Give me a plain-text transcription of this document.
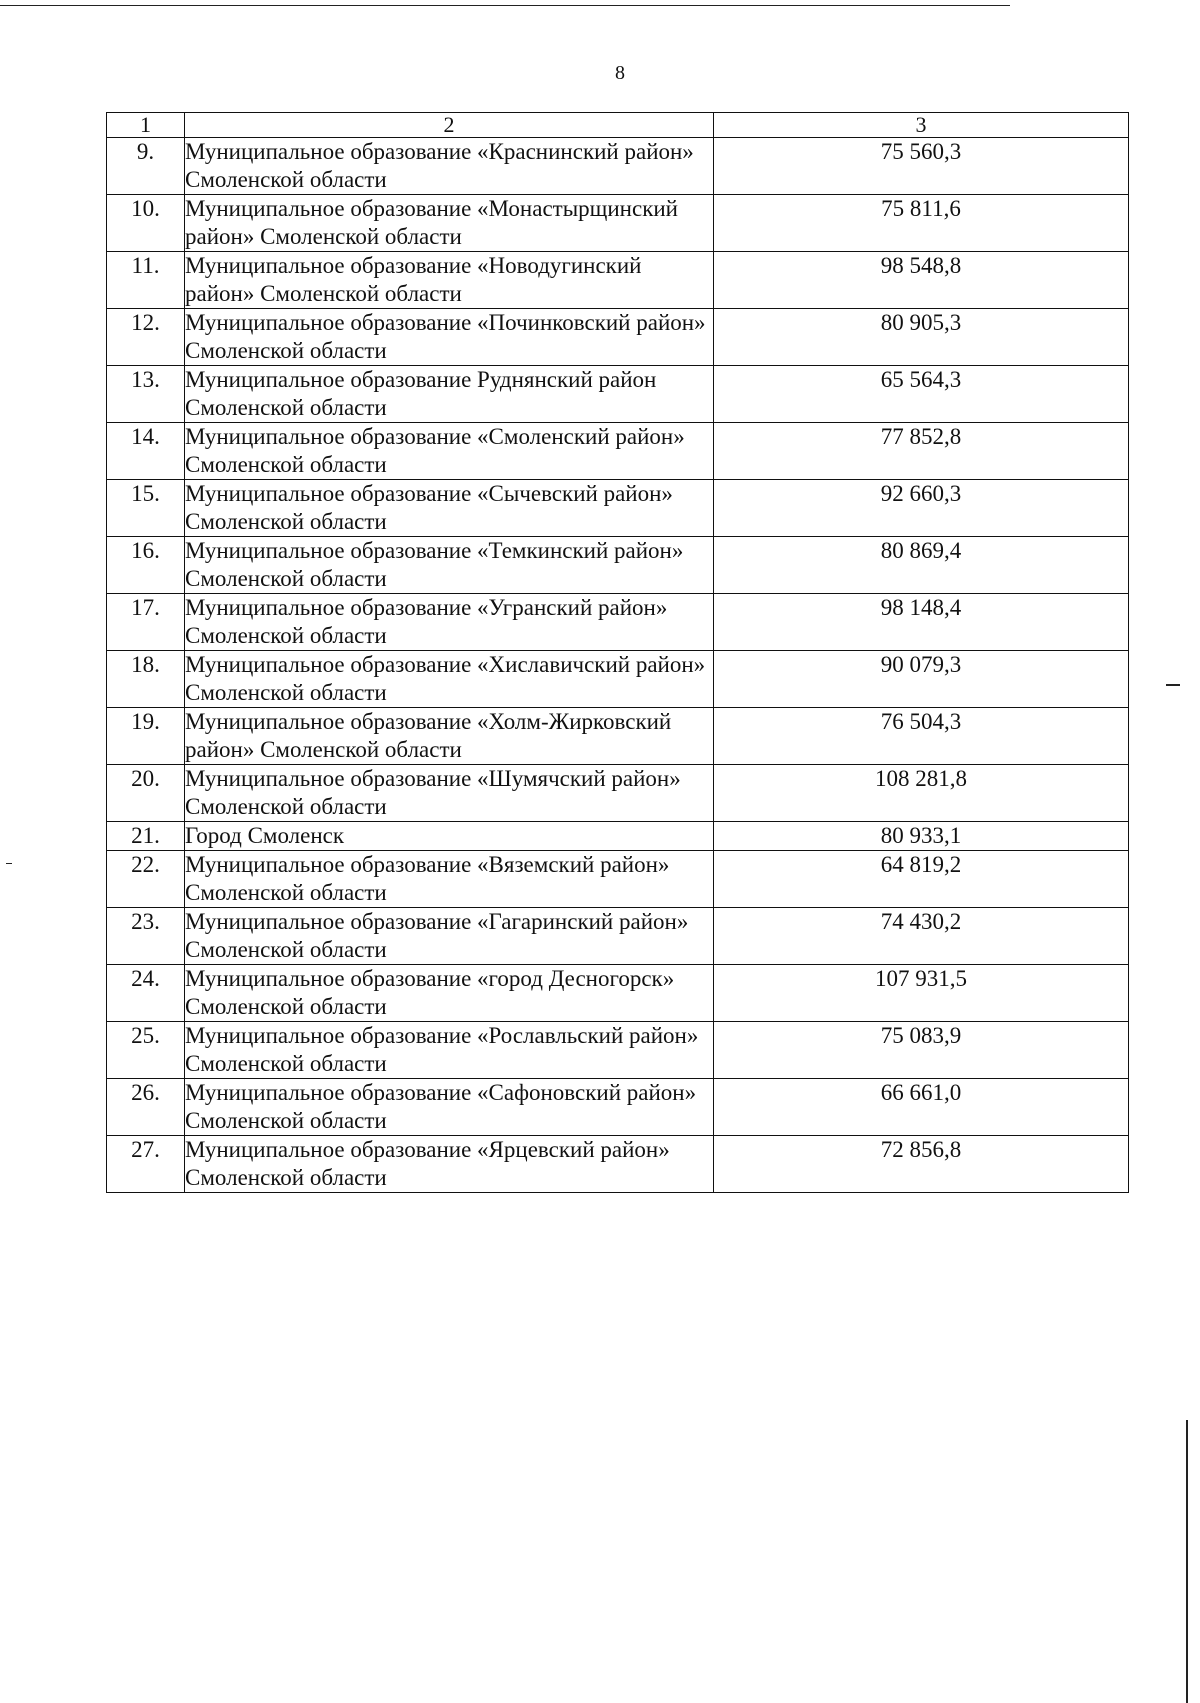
8
1	2	3
9.	Муниципальное образование «Краснинский район» Смоленской области	75 560,3
10.	Муниципальное образование «Монастырщинский район» Смоленской области	75 811,6
11.	Муниципальное образование «Новодугинский район» Смоленской области	98 548,8
12.	Муниципальное образование «Починковский район» Смоленской области	80 905,3
13.	Муниципальное образование Руднянский район Смоленской области	65 564,3
14.	Муниципальное образование «Смоленский район» Смоленской области	77 852,8
15.	Муниципальное образование «Сычевский район» Смоленской области	92 660,3
16.	Муниципальное образование «Темкинский район» Смоленской области	80 869,4
17.	Муниципальное образование «Угранский район» Смоленской области	98 148,4
18.	Муниципальное образование «Хиславичский район» Смоленской области	90 079,3
19.	Муниципальное образование «Холм-Жирковский район» Смоленской области	76 504,3
20.	Муниципальное образование «Шумячский район» Смоленской области	108 281,8
21.	Город Смоленск	80 933,1
22.	Муниципальное образование «Вяземский район» Смоленской области	64 819,2
23.	Муниципальное образование «Гагаринский район» Смоленской области	74 430,2
24.	Муниципальное образование «город Десногорск» Смоленской области	107 931,5
25.	Муниципальное образование «Рославльский район» Смоленской области	75 083,9
26.	Муниципальное образование «Сафоновский район» Смоленской области	66 661,0
27.	Муниципальное образование «Ярцевский район» Смоленской области	72 856,8
